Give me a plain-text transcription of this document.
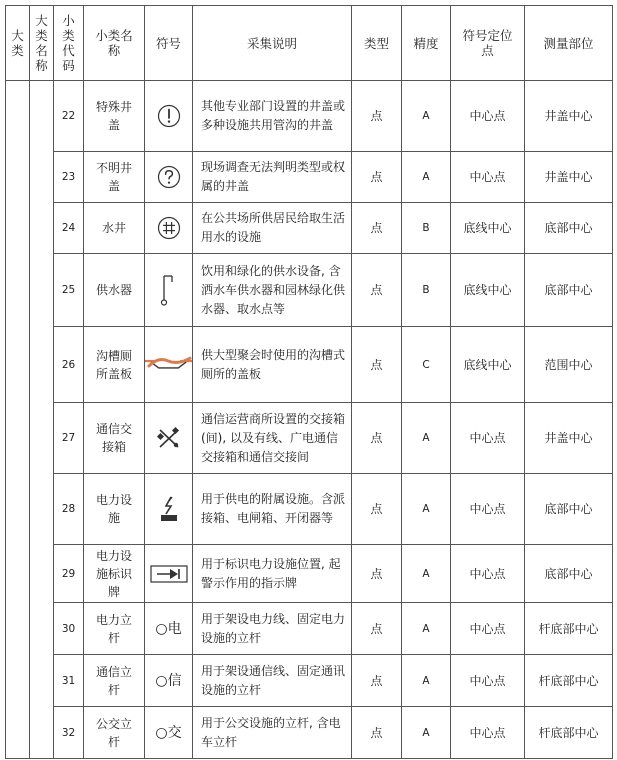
大类	大类名称	小类代码	小类名称	符号	采集说明	类型	精度	符号定位点	测量部位
		22	特殊井盖		其他专业部门设置的井盖或多种设施共用管沟的井盖	点	A	中心点	井盖中心
		23	不明井盖		现场调查无法判明类型或权属的井盖	点	A	中心点	井盖中心
		24	水井		在公共场所供居民给取生活用水的设施	点	B	底线中心	底部中心
		25	供水器		饮用和绿化的供水设备, 含洒水车供水器和园林绿化供水器、取水点等	点	B	底线中心	底部中心
		26	沟槽厕所盖板		供大型聚会时使用的沟槽式厕所的盖板	点	C	底线中心	范围中心
		27	通信交接箱		通信运营商所设置的交接箱(间), 以及有线、广电通信交接箱和通信交接间	点	A	中心点	井盖中心
		28	电力设施		用于供电的附属设施。含派接箱、电闸箱、开闭器等	点	A	中心点	底部中心
		29	电力设施标识牌		用于标识电力设施位置, 起警示作用的指示牌	点	A	中心点	底部中心
		30	电力立杆	○电	用于架设电力线、固定电力设施的立杆	点	A	中心点	杆底部中心
		31	通信立杆	○信	用于架设通信线、固定通讯设施的立杆	点	A	中心点	杆底部中心
		32	公交立杆	○交	用于公交设施的立杆, 含电车立杆	点	A	中心点	杆底部中心
